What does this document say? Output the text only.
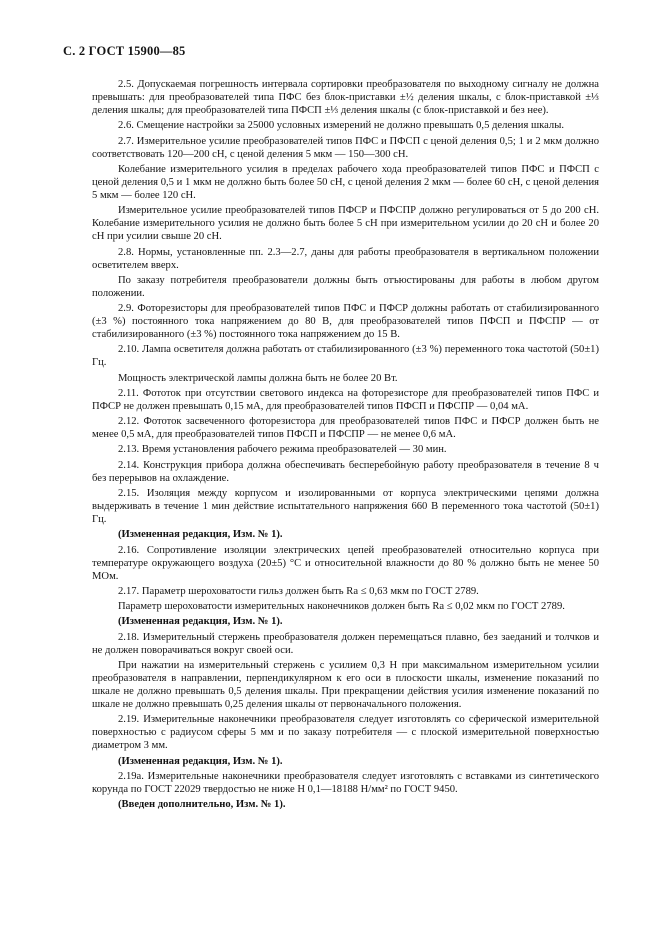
С. 2 ГОСТ 15900—85

2.5. Допускаемая погрешность интервала сортировки преобразователя по выходному сигналу не должна превышать: для преобразователей типа ПФС без блок-приставки ±½ деления шкалы, с блок-приставкой ±⅓ деления шкалы; для преобразователей типа ПФСП ±⅓ деления шкалы (с блок-приставкой и без нее).

2.6. Смещение настройки за 25000 условных измерений не должно превышать 0,5 деления шкалы.

2.7. Измерительное усилие преобразователей типов ПФС и ПФСП с ценой деления 0,5; 1 и 2 мкм должно соответствовать 120—200 сН, с ценой деления 5 мкм — 150—300 сН.

Колебание измерительного усилия в пределах рабочего хода преобразователей типов ПФС и ПФСП с ценой деления 0,5 и 1 мкм не должно быть более 50 сН, с ценой деления 2 мкм — более 60 сН, с ценой деления 5 мкм — более 120 сН.

Измерительное усилие преобразователей типов ПФСР и ПФСПР должно регулироваться от 5 до 200 сН. Колебание измерительного усилия не должно быть более 5 сН при измерительном усилии до 20 сН и более 20 сН при усилии свыше 20 сН.

2.8. Нормы, установленные пп. 2.3—2.7, даны для работы преобразователя в вертикальном положении осветителем вверх.

По заказу потребителя преобразователи должны быть отъюстированы для работы в любом другом положении.

2.9. Фоторезисторы для преобразователей типов ПФС и ПФСР должны работать от стабилизированного (±3 %) постоянного тока напряжением до 80 В, для преобразователей типов ПФСП и ПФСПР — от стабилизированного (±3 %) постоянного тока напряжением до 15 В.

2.10. Лампа осветителя должна работать от стабилизированного (±3 %) переменного тока частотой (50±1) Гц.

Мощность электрической лампы должна быть не более 20 Вт.

2.11. Фототок при отсутствии светового индекса на фоторезисторе для преобразователей типов ПФС и ПФСР не должен превышать 0,15 мА, для преобразователей типов ПФСП и ПФСПР — 0,04 мА.

2.12. Фототок засвеченного фоторезистора для преобразователей типов ПФС и ПФСР должен быть не менее 0,5 мА, для преобразователей типов ПФСП и ПФСПР — не менее 0,6 мА.

2.13. Время установления рабочего режима преобразователей — 30 мин.

2.14. Конструкция прибора должна обеспечивать бесперебойную работу преобразователя в течение 8 ч без перерывов на охлаждение.

2.15. Изоляция между корпусом и изолированными от корпуса электрическими цепями должна выдерживать в течение 1 мин действие испытательного напряжения 660 В переменного тока частотой (50±1) Гц.

(Измененная редакция, Изм. № 1).

2.16. Сопротивление изоляции электрических цепей преобразователей относительно корпуса при температуре окружающего воздуха (20±5) °С и относительной влажности до 80 % должно быть не менее 50 МОм.

2.17. Параметр шероховатости гильз должен быть Ra ≤ 0,63 мкм по ГОСТ 2789.

Параметр шероховатости измерительных наконечников должен быть Ra ≤ 0,02 мкм по ГОСТ 2789.

(Измененная редакция, Изм. № 1).

2.18. Измерительный стержень преобразователя должен перемещаться плавно, без заеданий и толчков и не должен поворачиваться вокруг своей оси.

При нажатии на измерительный стержень с усилием 0,3 Н при максимальном измерительном усилии преобразователя в направлении, перпендикулярном к его оси в плоскости шкалы, изменение показаний по шкале не должно превышать 0,5 деления шкалы. При прекращении действия усилия изменение показаний по шкале не должно превышать 0,25 деления шкалы от первоначального положения.

2.19. Измерительные наконечники преобразователя следует изготовлять со сферической измерительной поверхностью с радиусом сферы 5 мм и по заказу потребителя — с плоской измерительной поверхностью диаметром 3 мм.

(Измененная редакция, Изм. № 1).

2.19а. Измерительные наконечники преобразователя следует изготовлять с вставками из синтетического корунда по ГОСТ 22029 твердостью не ниже Н 0,1—18188 Н/мм² по ГОСТ 9450.

(Введен дополнительно, Изм. № 1).
